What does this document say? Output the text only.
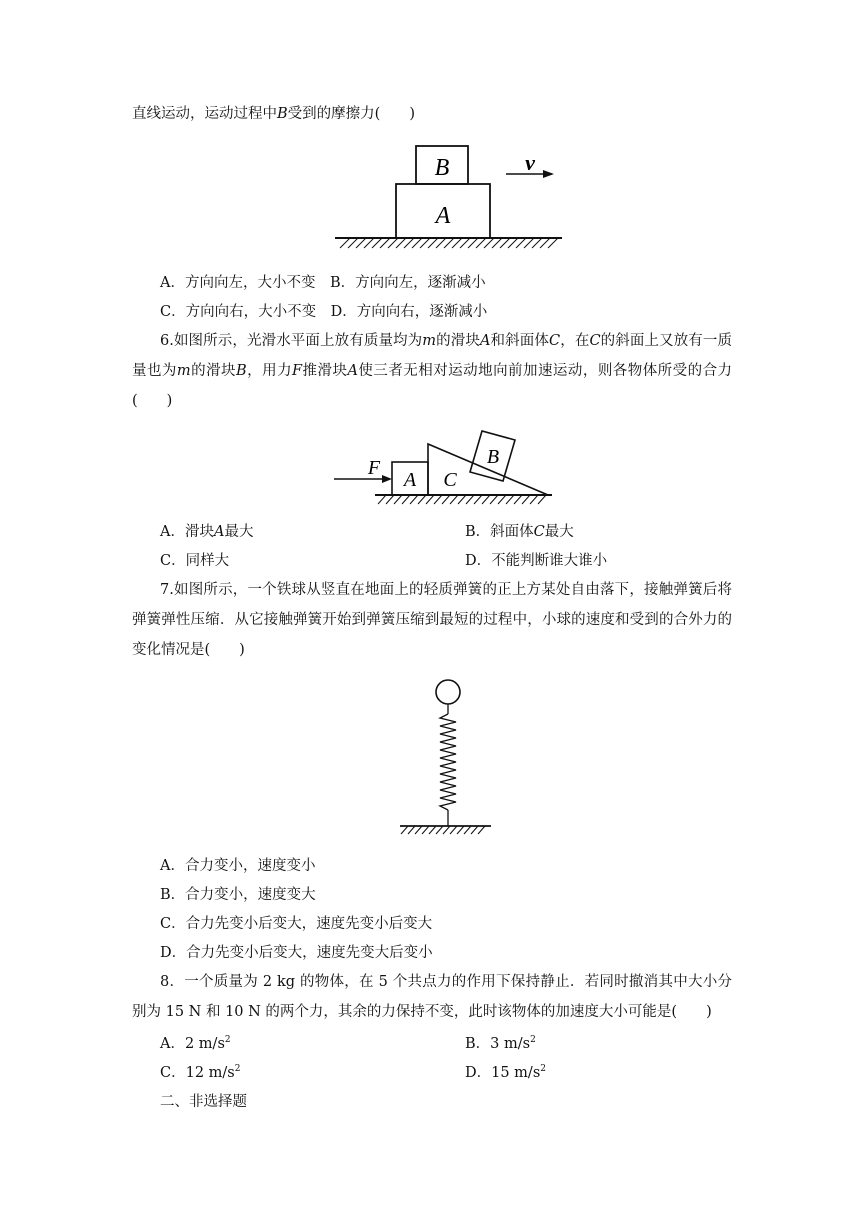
直线运动，运动过程中B受到的摩擦力(　　)
A
B	v
A．方向向左，大小不变　 B．方向向左，逐渐减小
C．方向向右，大小不变　 D．方向向右，逐渐减小
6.如图所示，光滑水平面上放有质量均为m的滑块A和斜面体C，在C的斜面上又放有一质量也为m的滑块B，用力F推滑块A使三者无相对运动地向前加速运动，则各物体所受的合力(　　)
F
A C
B
A．滑块A最大	B．斜面体C最大
C．同样大	D．不能判断谁大谁小
7.如图所示，一个铁球从竖直在地面上的轻质弹簧的正上方某处自由落下，接触弹簧后将弹簧弹性压缩．从它接触弹簧开始到弹簧压缩到最短的过程中，小球的速度和受到的合外力的变化情况是(　　)
A．合力变小，速度变小
B．合力变小，速度变大
C．合力先变小后变大，速度先变小后变大
D．合力先变小后变大，速度先变大后变小
8．一个质量为 2 kg 的物体，在 5 个共点力的作用下保持静止．若同时撤消其中大小分别为 15 N 和 10 N 的两个力，其余的力保持不变，此时该物体的加速度大小可能是(　　)
A．2 $m/s^2$	B．3 $m/s^2$
C．12 $m/s^2$	D．15 $m/s^2$
二、非选择题
